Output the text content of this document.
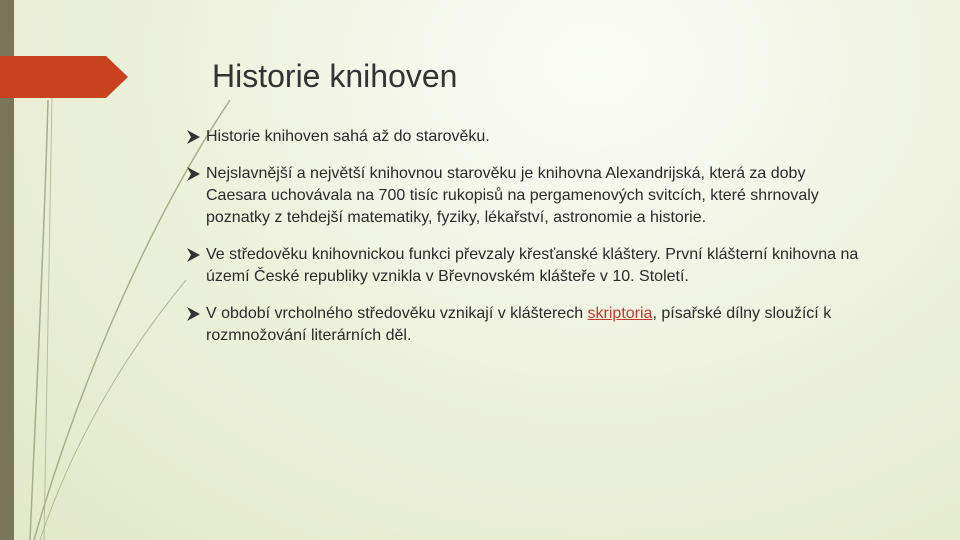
Historie knihoven
Historie knihoven sahá až do starověku.
Nejslavnější a největší knihovnou starověku je knihovna Alexandrijská, která za doby Caesara uchovávala na 700 tisíc rukopisů na pergamenových svitcích, které shrnovaly poznatky z tehdejší matematiky, fyziky, lékařství, astronomie a historie.
Ve středověku knihovnickou funkci převzaly křesťanské kláštery. První klášterní knihovna na území České republiky vznikla v Břevnovském klášteře v 10. Století.
V období vrcholného středověku vznikají v klášterech skriptoria, písařské dílny sloužící k rozmnožování literárních děl.
